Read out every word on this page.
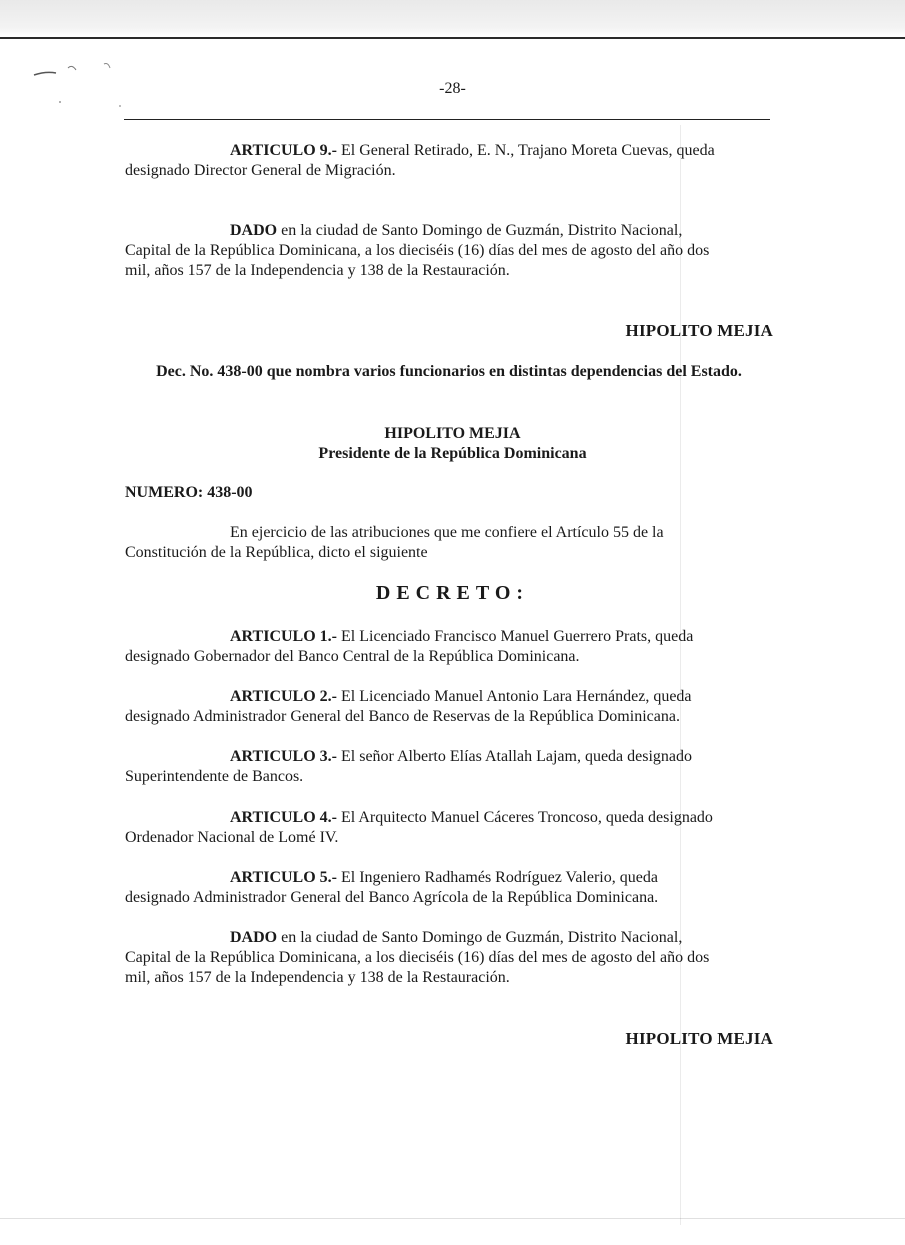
-28-
ARTICULO 9.- El General Retirado, E. N., Trajano Moreta Cuevas, queda
designado Director General de Migración.
DADO en la ciudad de Santo Domingo de Guzmán, Distrito Nacional,
Capital de la República Dominicana, a los dieciséis (16) días del mes de agosto del año dos
mil, años 157 de la Independencia y 138 de la Restauración.
HIPOLITO MEJIA
Dec. No. 438-00 que nombra varios funcionarios en distintas dependencias del Estado.
HIPOLITO MEJIA
Presidente de la República Dominicana
NUMERO: 438-00
En ejercicio de las atribuciones que me confiere el Artículo 55 de la
Constitución de la República, dicto el siguiente
DECRETO:
ARTICULO 1.- El Licenciado Francisco Manuel Guerrero Prats, queda
designado Gobernador del Banco Central de la República Dominicana.
ARTICULO 2.- El Licenciado Manuel Antonio Lara Hernández, queda
designado Administrador General del Banco de Reservas de la República Dominicana.
ARTICULO 3.- El señor Alberto Elías Atallah Lajam, queda designado
Superintendente de Bancos.
ARTICULO 4.- El Arquitecto Manuel Cáceres Troncoso, queda designado
Ordenador Nacional de Lomé IV.
ARTICULO 5.- El Ingeniero Radhamés Rodríguez Valerio, queda
designado Administrador General del Banco Agrícola de la República Dominicana.
DADO en la ciudad de Santo Domingo de Guzmán, Distrito Nacional,
Capital de la República Dominicana, a los dieciséis (16) días del mes de agosto del año dos
mil, años 157 de la Independencia y 138 de la Restauración.
HIPOLITO MEJIA
